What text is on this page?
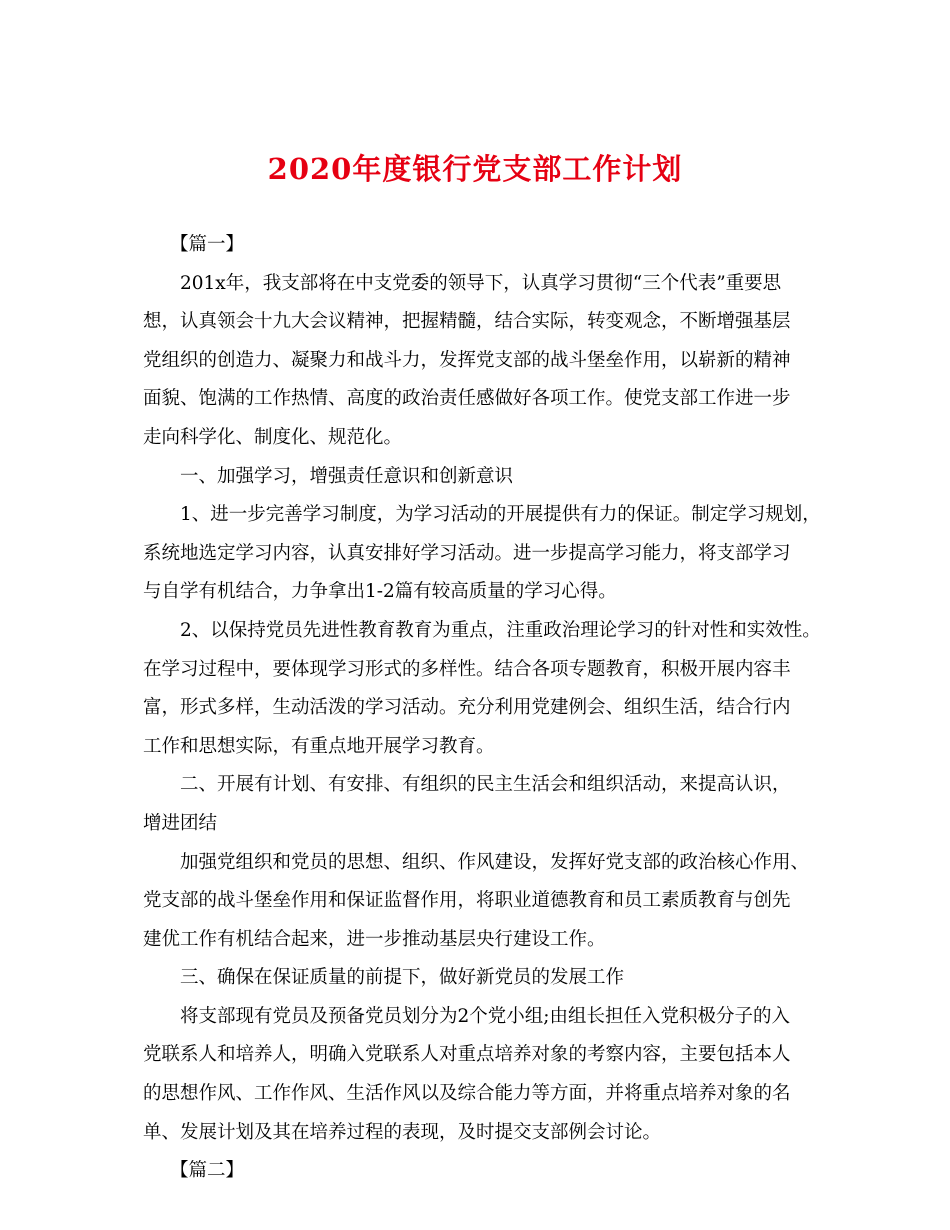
2020年度银行党支部工作计划
【篇一】
201x年，我支部将在中支党委的领导下，认真学习贯彻“三个代表”重要思
想，认真领会十九大会议精神，把握精髓，结合实际，转变观念，不断增强基层
党组织的创造力、凝聚力和战斗力，发挥党支部的战斗堡垒作用，以崭新的精神
面貌、饱满的工作热情、高度的政治责任感做好各项工作。使党支部工作进一步
走向科学化、制度化、规范化。
一、加强学习，增强责任意识和创新意识
1、进一步完善学习制度，为学习活动的开展提供有力的保证。制定学习规划，
系统地选定学习内容，认真安排好学习活动。进一步提高学习能力，将支部学习
与自学有机结合，力争拿出1-2篇有较高质量的学习心得。
2、以保持党员先进性教育教育为重点，注重政治理论学习的针对性和实效性。
在学习过程中，要体现学习形式的多样性。结合各项专题教育，积极开展内容丰
富，形式多样，生动活泼的学习活动。充分利用党建例会、组织生活，结合行内
工作和思想实际，有重点地开展学习教育。
二、开展有计划、有安排、有组织的民主生活会和组织活动，来提高认识，
增进团结
加强党组织和党员的思想、组织、作风建设，发挥好党支部的政治核心作用、
党支部的战斗堡垒作用和保证监督作用，将职业道德教育和员工素质教育与创先
建优工作有机结合起来，进一步推动基层央行建设工作。
三、确保在保证质量的前提下，做好新党员的发展工作
将支部现有党员及预备党员划分为2个党小组;由组长担任入党积极分子的入
党联系人和培养人，明确入党联系人对重点培养对象的考察内容，主要包括本人
的思想作风、工作作风、生活作风以及综合能力等方面，并将重点培养对象的名
单、发展计划及其在培养过程的表现，及时提交支部例会讨论。
【篇二】
